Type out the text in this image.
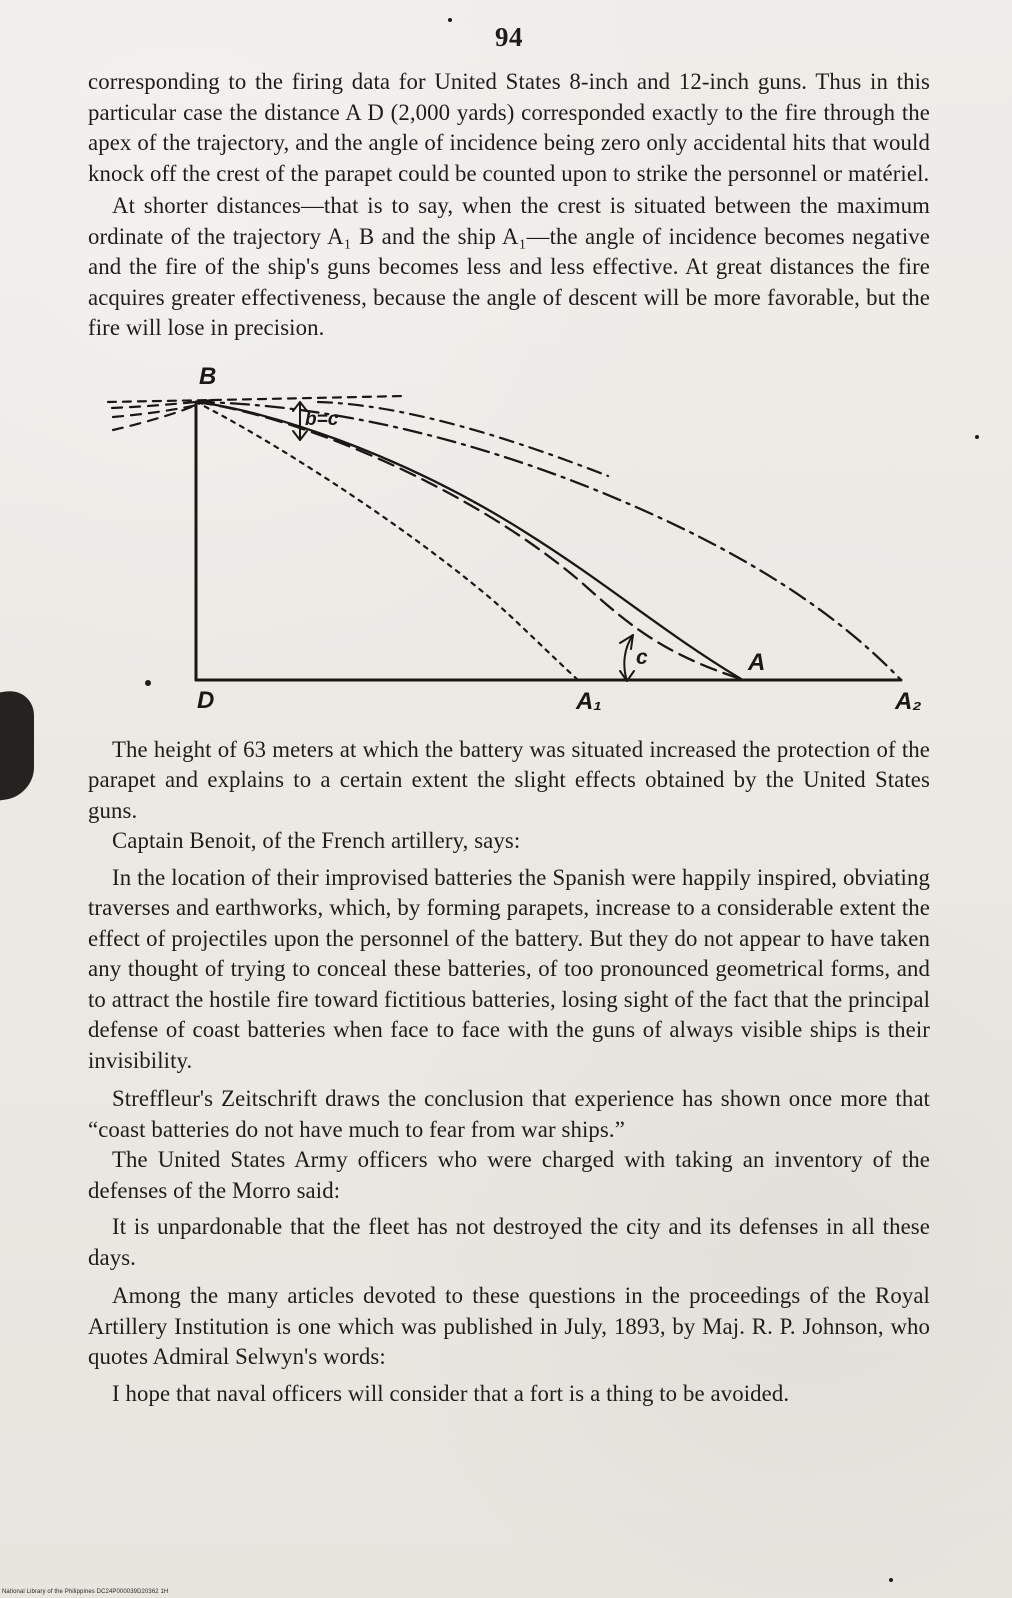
94

corresponding to the firing data for United States 8-inch and 12-inch guns. Thus in this particular case the distance A D (2,000 yards) corresponded exactly to the fire through the apex of the trajectory, and the angle of incidence being zero only accidental hits that would knock off the crest of the parapet could be counted upon to strike the personnel or matériel.

At shorter distances—that is to say, when the crest is situated between the maximum ordinate of the trajectory A₁ B and the ship A₁—the angle of incidence becomes negative and the fire of the ship's guns becomes less and less effective. At great distances the fire acquires greater effectiveness, because the angle of descent will be more favorable, but the fire will lose in precision.

B
b=c
c	A
D	A₁	A₂

The height of 63 meters at which the battery was situated increased the protection of the parapet and explains to a certain extent the slight effects obtained by the United States guns.

Captain Benoit, of the French artillery, says:

In the location of their improvised batteries the Spanish were happily inspired, obviating traverses and earthworks, which, by forming parapets, increase to a considerable extent the effect of projectiles upon the personnel of the battery. But they do not appear to have taken any thought of trying to conceal these batteries, of too pronounced geometrical forms, and to attract the hostile fire toward fictitious batteries, losing sight of the fact that the principal defense of coast batteries when face to face with the guns of always visible ships is their invisibility.

Streffleur's Zeitschrift draws the conclusion that experience has shown once more that “coast batteries do not have much to fear from war ships.”

The United States Army officers who were charged with taking an inventory of the defenses of the Morro said:

It is unpardonable that the fleet has not destroyed the city and its defenses in all these days.

Among the many articles devoted to these questions in the proceedings of the Royal Artillery Institution is one which was published in July, 1893, by Maj. R. P. Johnson, who quotes Admiral Selwyn's words:

I hope that naval officers will consider that a fort is a thing to be avoided.

National Library of the Philippines DC24P000039D20362 1H
